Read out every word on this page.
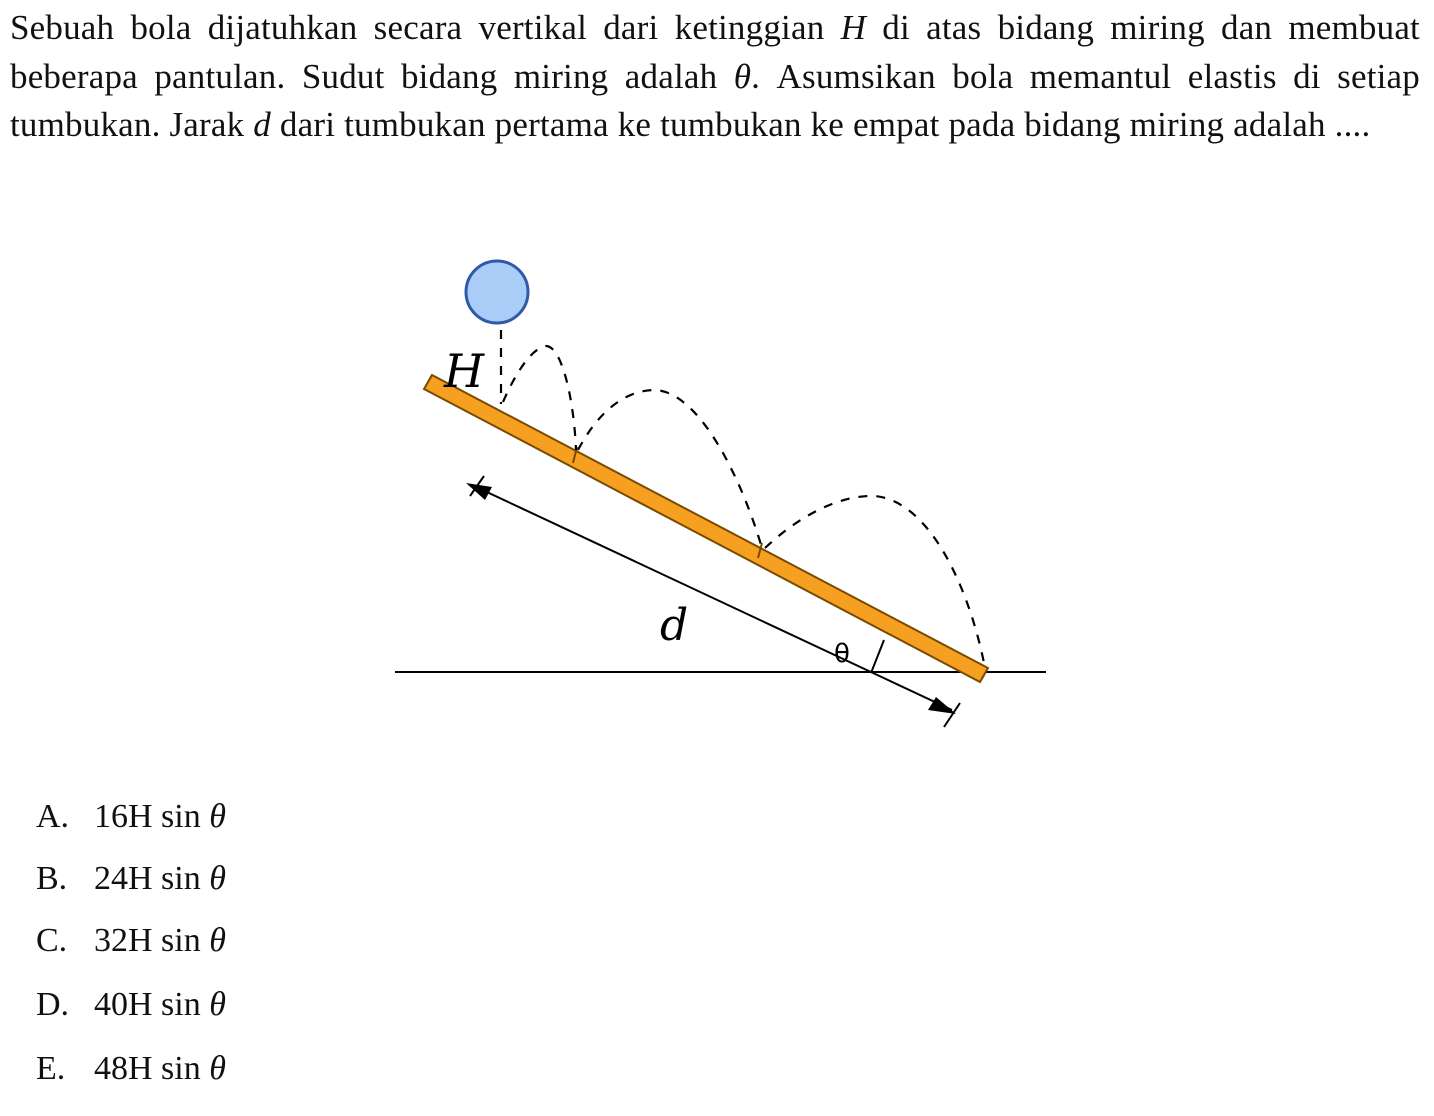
Sebuah bola dijatuhkan secara vertikal dari ketinggian H di atas bidang miring dan membuat beberapa pantulan. Sudut bidang miring adalah θ. Asumsikan bola memantul elastis di setiap tumbukan. Jarak d dari tumbukan pertama ke tumbukan ke empat pada bidang miring adalah ....
H
d
θ
A. 16H sin θ
B. 24H sin θ
C. 32H sin θ
D. 40H sin θ
E. 48H sin θ
